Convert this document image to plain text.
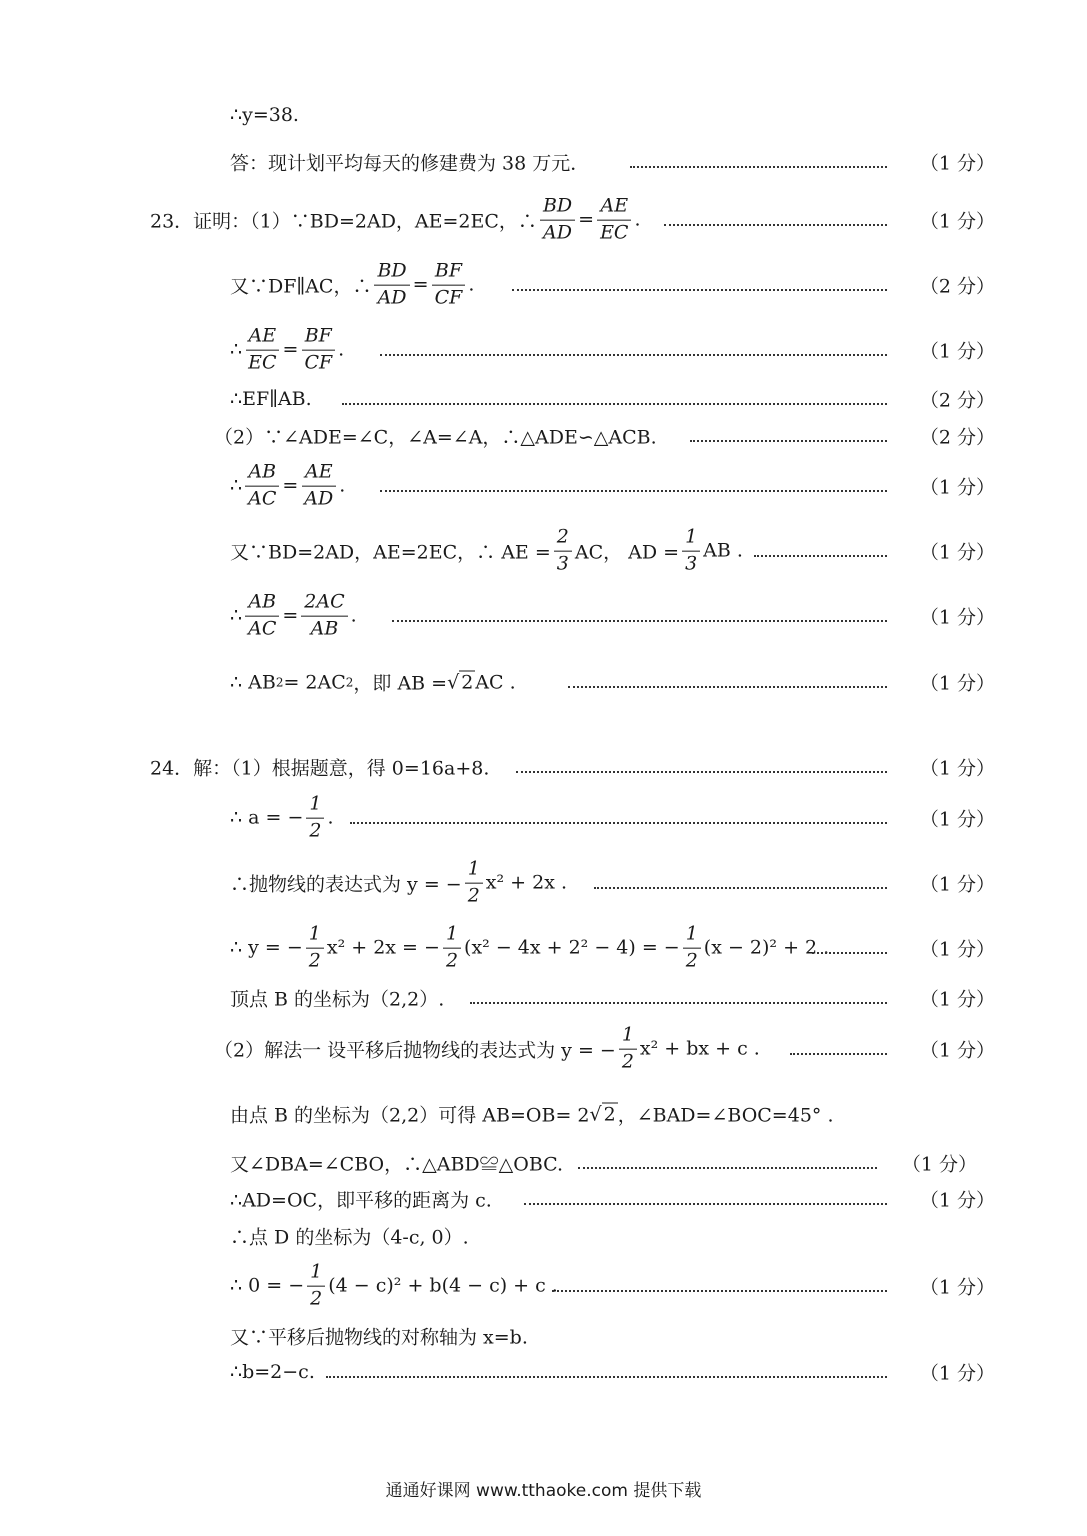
∴y=38.
答：现计划平均每天的修建费为 38 万元．	（1 分）
23．证明：（1）∵BD=2AD，AE=2EC，∴ $\frac{BD}{AD} = \frac{AE}{EC}$ .	（1 分）
又∵DF∥AC，∴ $\frac{BD}{AD} = \frac{BF}{CF}$ .	（2 分）
∴ $\frac{AE}{EC} = \frac{BF}{CF}$ .	（1 分）
∴EF∥AB.	（2 分）
（2）∵∠ADE=∠C，∠A=∠A，∴△ADE∽△ACB.	（2 分）
∴ $\frac{AB}{AC} = \frac{AE}{AD}$ .	（1 分）
又∵BD=2AD，AE=2EC，∴ AE = $\frac{2}{3}$ AC， AD = $\frac{1}{3}$ AB .	（1 分）
∴ $\frac{AB}{AC} = \frac{2AC}{AB}$ .	（1 分）
∴ AB 2 = 2AC 2 ，即 AB = √ 2 AC .	（1 分）
24．解：（1）根据题意，得 0=16a+8.	（1 分）
∴ a = − $\frac{1}{2}$ .	（1 分）
∴抛物线的表达式为 y = − $\frac{1}{2} x^2 + 2x$ .	（1 分）
∴ y = − $\frac{1}{2} x^2 + 2x$ = − $\frac{1}{2} (x^2 - 4x + 2^2 - 4)$ = − $\frac{1}{2} (x - 2)^2 + 2$ .	（1 分）
顶点 B 的坐标为（2,2）.	（1 分）
（2）解法一 设平移后抛物线的表达式为 y = − $\frac{1}{2} x^2$ + bx + c .	（1 分）
由点 B 的坐标为（2,2）可得 AB=OB= 2 √ 2 ，∠BAD=∠BOC=45° .
又∠DBA=∠CBO，∴△ABD≌△OBC.	（1 分）
∴AD=OC，即平移的距离为 c.	（1 分）
∴点 D 的坐标为（4-c, 0）.
∴ 0 = − $\frac{1}{2} (4 - c)^2 + b(4 - c) + c$ .	（1 分）
又∵平移后抛物线的对称轴为 x=b.
∴b=2−c.	（1 分）
通通好课网 www.tthaoke.com 提供下载
